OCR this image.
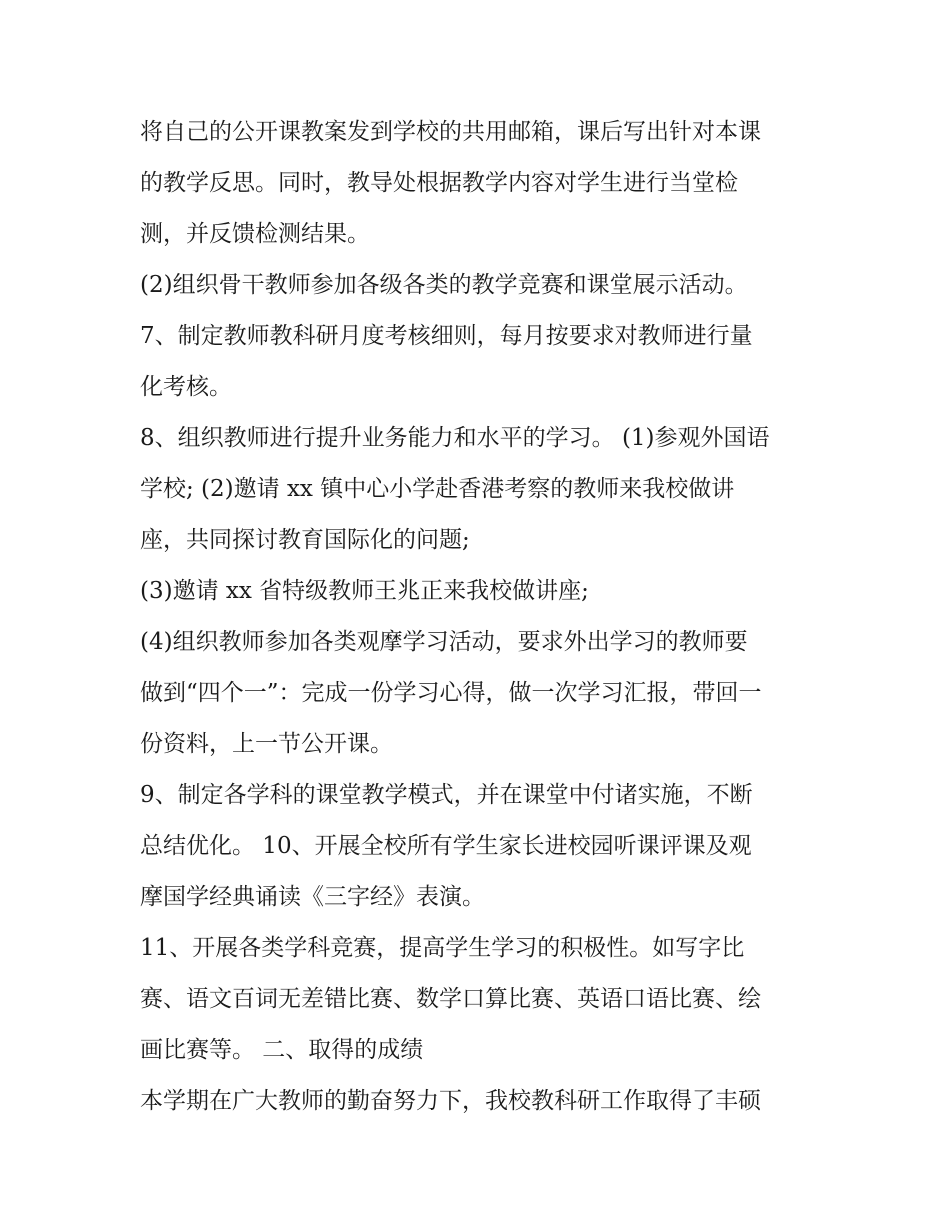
将自己的公开课教案发到学校的共用邮箱，课后写出针对本课
的教学反思。同时，教导处根据教学内容对学生进行当堂检
测，并反馈检测结果。
(2)组织骨干教师参加各级各类的教学竞赛和课堂展示活动。
7、制定教师教科研月度考核细则，每月按要求对教师进行量
化考核。
8、组织教师进行提升业务能力和水平的学习。 (1)参观外国语
学校; (2)邀请 xx 镇中心小学赴香港考察的教师来我校做讲
座，共同探讨教育国际化的问题;
(3)邀请 xx 省特级教师王兆正来我校做讲座;
(4)组织教师参加各类观摩学习活动，要求外出学习的教师要
做到“四个一”：完成一份学习心得，做一次学习汇报，带回一
份资料，上一节公开课。
9、制定各学科的课堂教学模式，并在课堂中付诸实施，不断
总结优化。 10、开展全校所有学生家长进校园听课评课及观
摩国学经典诵读《三字经》表演。
11、开展各类学科竞赛，提高学生学习的积极性。如写字比
赛、语文百词无差错比赛、数学口算比赛、英语口语比赛、绘
画比赛等。 二、取得的成绩
本学期在广大教师的勤奋努力下，我校教科研工作取得了丰硕
